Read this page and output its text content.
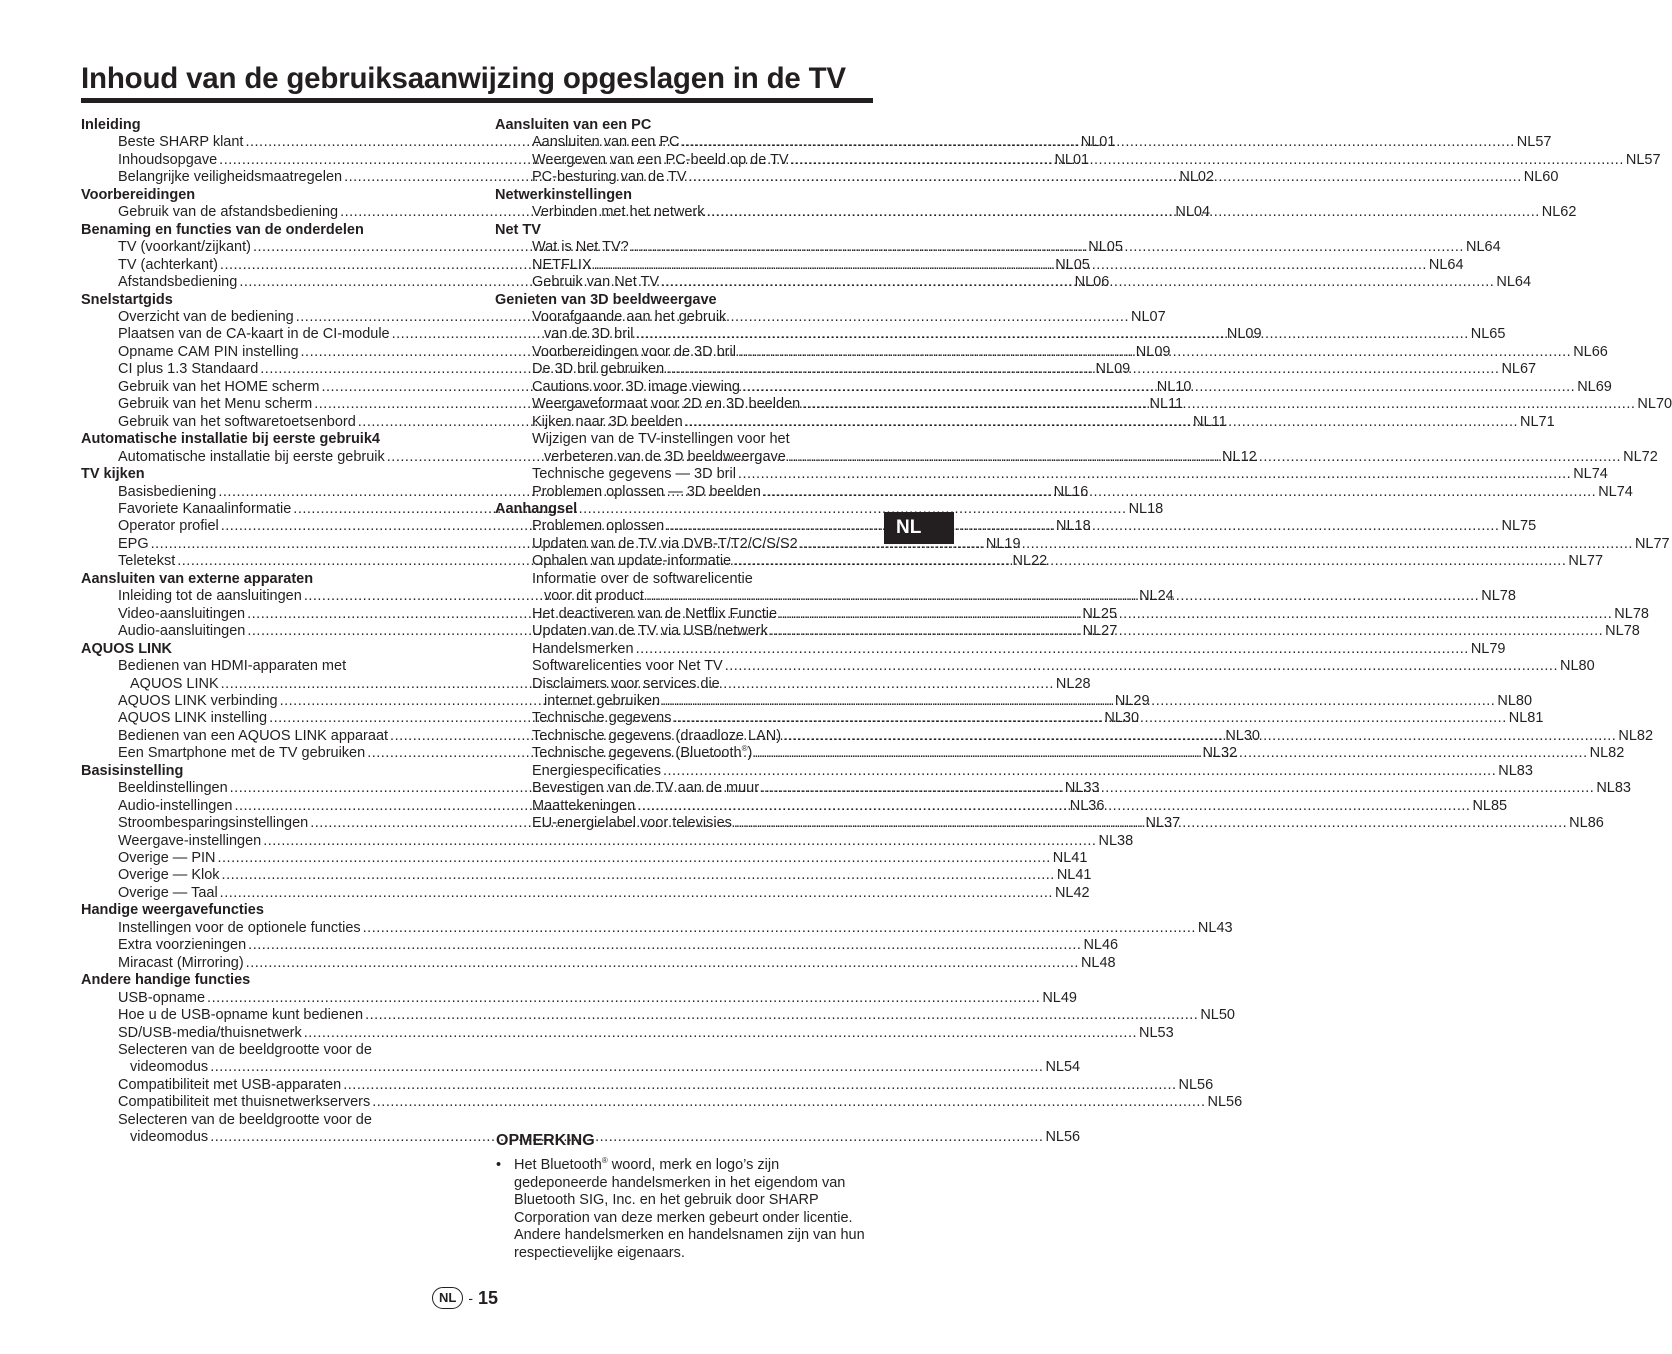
Inhoud van de gebruiksaanwijzing opgeslagen in de TV
Inleiding
Beste SHARP klant .....	NL01
Inhoudsopgave .....	NL01
Belangrijke veiligheidsmaatregelen .....	NL02
Voorbereidingen
Gebruik van de afstandsbediening .....	NL04
Benaming en functies van de onderdelen
TV (voorkant/zijkant) .....	NL05
TV (achterkant) .....	NL05
Afstandsbediening .....	NL06
Snelstartgids
Overzicht van de bediening .....	NL07
Plaatsen van de CA-kaart in de CI-module .....	NL09
Opname CAM PIN instelling .....	NL09
CI plus 1.3 Standaard .....	NL09
Gebruik van het HOME scherm .....	NL10
Gebruik van het Menu scherm .....	NL11
Gebruik van het softwaretoetsenbord .....	NL11
Automatische installatie bij eerste gebruik4
Automatische installatie bij eerste gebruik .....	NL12
TV kijken
Basisbediening .....	NL16
Favoriete Kanaalinformatie .....	NL18
Operator profiel .....	NL18
EPG .....	NL19
Teletekst .....	NL22
Aansluiten van externe apparaten
Inleiding tot de aansluitingen .....	NL24
Video-aansluitingen .....	NL25
Audio-aansluitingen .....	NL27
AQUOS LINK
Bedienen van HDMI-apparaten met
AQUOS LINK .....	NL28
AQUOS LINK verbinding .....	NL29
AQUOS LINK instelling .....	NL30
Bedienen van een AQUOS LINK apparaat .....	NL30
Een Smartphone met de TV gebruiken .....	NL32
Basisinstelling
Beeldinstellingen .....	NL33
Audio-instellingen .....	NL36
Stroombesparingsinstellingen .....	NL37
Weergave-instellingen .....	NL38
Overige — PIN .....	NL41
Overige — Klok .....	NL41
Overige — Taal .....	NL42
Handige weergavefuncties
Instellingen voor de optionele functies .....	NL43
Extra voorzieningen .....	NL46
Miracast (Mirroring) .....	NL48
Andere handige functies
USB-opname .....	NL49
Hoe u de USB-opname kunt bedienen .....	NL50
SD/USB-media/thuisnetwerk .....	NL53
Selecteren van de beeldgrootte voor de
videomodus .....	NL54
Compatibiliteit met USB-apparaten .....	NL56
Compatibiliteit met thuisnetwerkservers .....	NL56
Selecteren van de beeldgrootte voor de
videomodus .....	NL56
Aansluiten van een PC
Aansluiten van een PC .....	NL57
Weergeven van een PC-beeld op de TV .....	NL57
PC-besturing van de TV .....	NL60
Netwerkinstellingen
Verbinden met het netwerk .....	NL62
Net TV
Wat is Net TV? .....	NL64
NETFLIX .....	NL64
Gebruik van Net TV .....	NL64
Genieten van 3D beeldweergave
Voorafgaande aan het gebruik
van de 3D bril .....	NL65
Voorbereidingen voor de 3D bril .....	NL66
De 3D bril gebruiken .....	NL67
Cautions voor 3D image viewing .....	NL69
Weergaveformaat voor 2D en 3D beelden .....	NL70
Kijken naar 3D beelden .....	NL71
Wijzigen van de TV-instellingen voor het
verbeteren van de 3D beeldweergave .....	NL72
Technische gegevens — 3D bril .....	NL74
Problemen oplossen — 3D beelden .....	NL74
Aanhangsel
Problemen oplossen .....	NL75
Updaten van de TV via DVB-T/T2/C/S/S2 .....	NL77
Ophalen van update-informatie .....	NL77
Informatie over de softwarelicentie
voor dit product .....	NL78
Het deactiveren van de Netflix Functie .....	NL78
Updaten van de TV via USB/netwerk .....	NL78
Handelsmerken .....	NL79
Softwarelicenties voor Net TV .....	NL80
Disclaimers voor services die
internet gebruiken .....	NL80
Technische gegevens .....	NL81
Technische gegevens (draadloze LAN) .....	NL82
Technische gegevens (Bluetooth®) .....	NL82
Energiespecificaties .....	NL83
Bevestigen van de TV aan de muur .....	NL83
Maattekeningen .....	NL85
EU-energielabel voor televisies .....	NL86
NL
OPMERKING
• Het Bluetooth® woord, merk en logo’s zijn gedeponeerde handelsmerken in het eigendom van Bluetooth SIG, Inc. en het gebruik door SHARP Corporation van deze merken gebeurt onder licentie. Andere handelsmerken en handelsnamen zijn van hun respectievelijke eigenaars.
NL - 15
